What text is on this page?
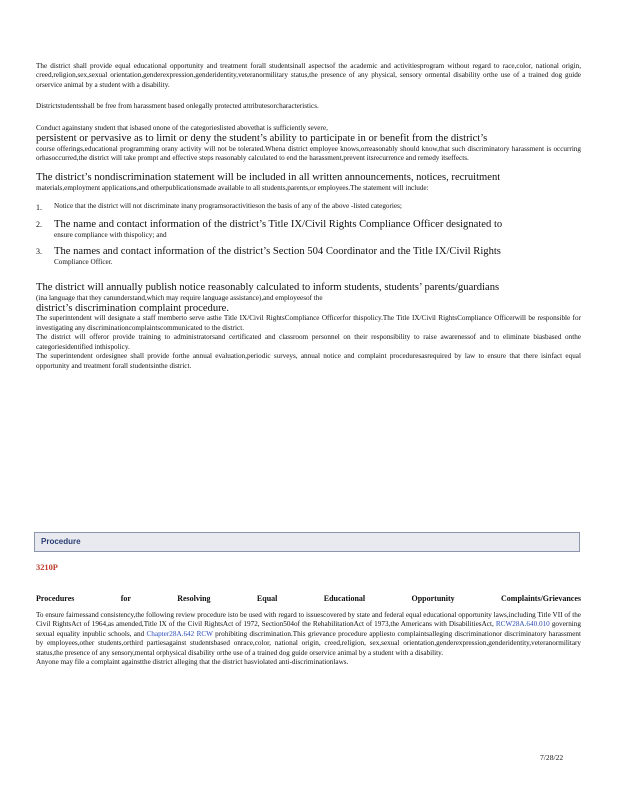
The district shall provide equal educational opportunity and treatment forall studentsinall aspectsof the academic and activitiesprogram without regard to race,color, national origin, creed,religion,sex,sexual orientation,genderexpression,genderidentity,veteranormilitary status,the presence of any physical, sensory ormental disability orthe use of a trained dog guide orservice animal by a student with a disability.

Districtstudentsshall be free from harassment based onlegally protected attributesorcharacteristics.

Conduct againstany student that isbased onone of the categorieslisted abovethat is sufficiently severe,

persistent or pervasive as to limit or deny the student’s ability to participate in or benefit from the district’s

course offerings,educational programming orany activity will not be tolerated.Whena district employee knows,orreasonably should know,that such discriminatory harassment is occurring orhasoccurred,the district will take prompt and effective steps reasonably calculated to end the harassment,prevent itsrecurrence and remedy itseffects.

The district’s nondiscrimination statement will be included in all written announcements, notices, recruitment

materials,employment applications,and otherpublicationsmade available to all students,parents,or employees.The statement will include:

1.	Notice that the district will not discriminate inany programsoractivitieson the basis of any of the above -listed categories;

2.	The name and contact information of the district’s Title IX/Civil Rights Compliance Officer designated to

ensure compliance with thispolicy; and

3.	The names and contact information of the district’s Section 504 Coordinator and the Title IX/Civil Rights

Compliance Officer.

The district will annually publish notice reasonably calculated to inform students, students’ parents/guardians

(ina language that they canunderstand,which may require language assistance),and employeesof the

district’s discrimination complaint procedure.

The superintendent will designate a staff memberto serve asthe Title IX/Civil RightsCompliance Officerfor thispolicy.The Title IX/Civil RightsCompliance Officerwill be responsible for investigating any discriminationcomplaintscommunicated to the district.

The district will offeror provide training to administratorsand certificated and classroom personnel on their responsibility to raise awarenessof and to eliminate biasbased onthe categoriesidentified inthispolicy.

The superintendent ordesignee shall provide forthe annual evaluation,periodic surveys, annual notice and complaint proceduresasrequired by law to ensure that there isinfact equal opportunity and treatment forall studentsinthe district.

Procedure
3210P
Procedures for Resolving Equal Educational Opportunity Complaints/Grievances

To ensure fairnessand consistency,the following review procedure isto be used with regard to issuescovered by state and federal equal educational opportunity laws,including Title VII of the Civil RightsAct of 1964,as amended,Title IX of the Civil RightsAct of 1972, Section504of the RehabilitationAct of 1973,the Americans with DisabilitiesAct, RCW28A.640.010 governing sexual equality inpublic schools, and Chapter28A.642 RCW prohibiting discrimination.This grievance procedure appliesto complaintsalleging discriminationor discriminatory harassment by employees,other students,orthird partiesagainst studentsbased onrace,color, national origin, creed,religion, sex,sexual orientation,genderexpression,genderidentity,veteranormilitary status,the presence of any sensory,mental orphysical disability orthe use of a trained dog guide orservice animal by a student with a disability.

Anyone may file a complaint againstthe district alleging that the district hasviolated anti-discriminationlaws.

7/28/22
